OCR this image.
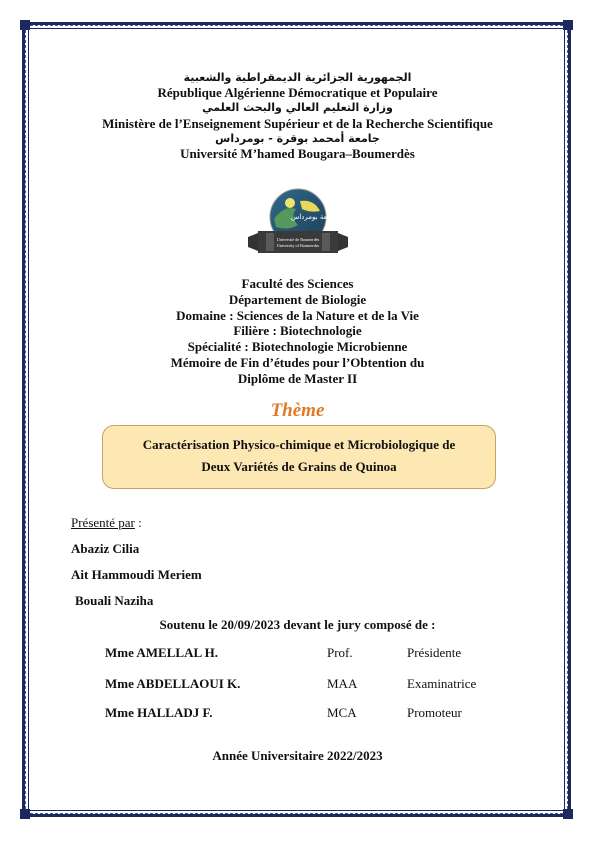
الجمهورية الجزائرية الديمقراطية والشعبية
République Algérienne Démocratique et Populaire
وزارة التعليم العالي والبحث العلمي
Ministère de l’Enseignement Supérieur et de la Recherche Scientifique
جامعة أمحمد بوقرة - بومرداس
Université M’hamed Bougara–Boumerdès
جامعة بومرداس
Université de Boumerdès
University of Boumerdes
Faculté des Sciences
Département de Biologie
Domaine : Sciences de la Nature et de la Vie
Filière : Biotechnologie
Spécialité : Biotechnologie Microbienne
Mémoire de Fin d’études pour l’Obtention du
Diplôme de Master II
Thème
Caractérisation Physico-chimique et Microbiologique de
Deux Variétés de Grains de Quinoa
Présenté par :
Abaziz Cilia
Ait Hammoudi Meriem
Bouali Naziha
Soutenu le 20/09/2023 devant le jury composé de :
Mme AMELLAL H.	Prof.	Présidente
Mme ABDELLAOUI K.	MAA	Examinatrice
Mme HALLADJ F.	MCA	Promoteur
Année Universitaire 2022/2023
